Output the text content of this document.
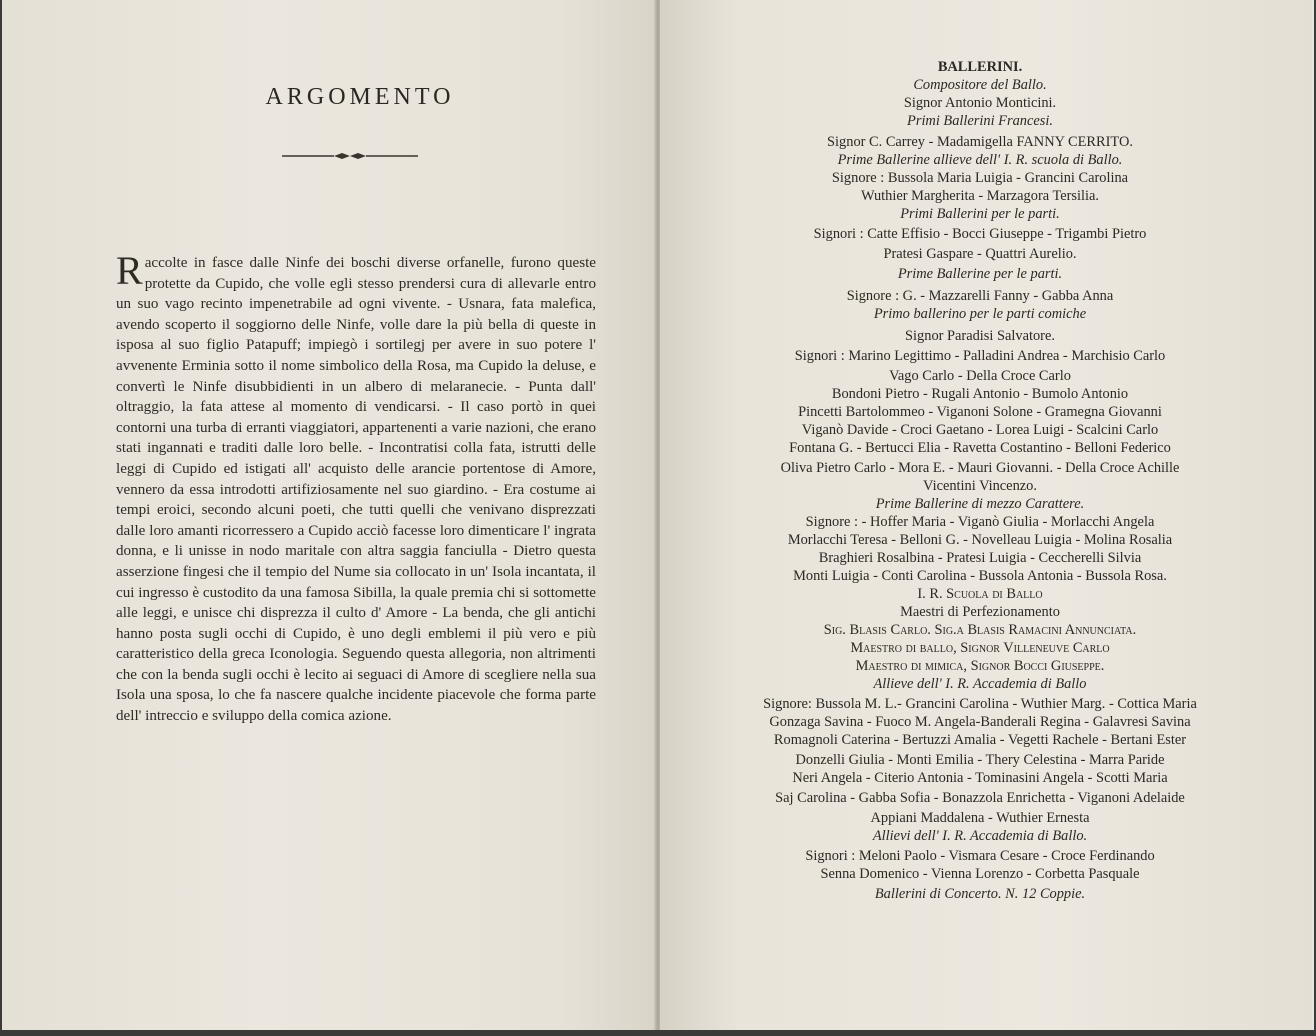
ARGOMENTO

Raccolte in fasce dalle Ninfe dei boschi diverse orfanelle, furono queste protette da Cupido, che volle egli stesso prendersi cura di allevarle entro un suo vago recinto impenetrabile ad ogni vivente. - Usnara, fata malefica, avendo scoperto il soggiorno delle Ninfe, volle dare la più bella di queste in isposa al suo figlio Patapuff; impiegò i sortilegj per avere in suo potere l' avvenente Erminia sotto il nome simbolico della Rosa, ma Cupido la deluse, e convertì le Ninfe disubbidienti in un albero di melaranecie. - Punta dall' oltraggio, la fata attese al momento di vendicarsi. - Il caso portò in quei contorni una turba di erranti viaggiatori, appartenenti a varie nazioni, che erano stati ingannati e traditi dalle loro belle. - Incontratisi colla fata, istrutti delle leggi di Cupido ed istigati all' acquisto delle arancie portentose di Amore, vennero da essa introdotti artifiziosamente nel suo giardino. - Era costume ai tempi eroici, secondo alcuni poeti, che tutti quelli che venivano disprezzati dalle loro amanti ricorressero a Cupido acciò facesse loro dimenticare l' ingrata donna, e li unisse in nodo maritale con altra saggia fanciulla - Dietro questa asserzione fingesi che il tempio del Nume sia collocato in un' Isola incantata, il cui ingresso è custodito da una famosa Sibilla, la quale premia chi si sottomette alle leggi, e unisce chi disprezza il culto d' Amore - La benda, che gli antichi hanno posta sugli occhi di Cupido, è uno degli emblemi il più vero e più caratteristico della greca Iconologia. Seguendo questa allegoria, non altrimenti che con la benda sugli occhi è lecito ai seguaci di Amore di scegliere nella sua Isola una sposa, lo che fa nascere qualche incidente piacevole che forma parte dell' intreccio e sviluppo della comica azione.

BALLERINI.
Compositore del Ballo.
Signor Antonio Monticini.
Primi Ballerini Francesi.
Signor C. Carrey - Madamigella FANNY CERRITO.
Prime Ballerine allieve dell' I. R. scuola di Ballo.
Signore : Bussola Maria Luigia - Grancini Carolina
Wuthier Margherita - Marzagora Tersilia.
Primi Ballerini per le parti.
Signori : Catte Effisio - Bocci Giuseppe - Trigambi Pietro
Pratesi Gaspare - Quattri Aurelio.
Prime Ballerine per le parti.
Signore : G. - Mazzarelli Fanny - Gabba Anna
Primo ballerino per le parti comiche
Signor Paradisi Salvatore.
Signori : Marino Legittimo - Palladini Andrea - Marchisio Carlo
Vago Carlo - Della Croce Carlo
Bondoni Pietro - Rugali Antonio - Bumolo Antonio
Pincetti Bartolommeo - Viganoni Solone - Gramegna Giovanni
Viganò Davide - Croci Gaetano - Lorea Luigi - Scalcini Carlo
Fontana G. - Bertucci Elia - Ravetta Costantino - Belloni Federico
Oliva Pietro Carlo - Mora E. - Mauri Giovanni. - Della Croce Achille
Vicentini Vincenzo.
Prime Ballerine di mezzo Carattere.
Signore : - Hoffer Maria - Viganò Giulia - Morlacchi Angela
Morlacchi Teresa - Belloni G. - Novelleau Luigia - Molina Rosalia
Braghieri Rosalbina - Pratesi Luigia - Ceccherelli Silvia
Monti Luigia - Conti Carolina - Bussola Antonia - Bussola Rosa.
I. R. Scuola di Ballo
Maestri di Perfezionamento
Sig. Blasis Carlo. Sig.a Blasis Ramacini Annunciata.
Maestro di ballo, Signor Villeneuve Carlo
Maestro di mimica, Signor Bocci Giuseppe.
Allieve dell' I. R. Accademia di Ballo
Signore: Bussola M. L.- Grancini Carolina - Wuthier Marg. - Cottica Maria
Gonzaga Savina - Fuoco M. Angela-Banderali Regina - Galavresi Savina
Romagnoli Caterina - Bertuzzi Amalia - Vegetti Rachele - Bertani Ester
Donzelli Giulia - Monti Emilia - Thery Celestina - Marra Paride
Neri Angela - Citerio Antonia - Tominasini Angela - Scotti Maria
Saj Carolina - Gabba Sofia - Bonazzola Enrichetta - Viganoni Adelaide
Appiani Maddalena - Wuthier Ernesta
Allievi dell' I. R. Accademia di Ballo.
Signori : Meloni Paolo - Vismara Cesare - Croce Ferdinando
Senna Domenico - Vienna Lorenzo - Corbetta Pasquale
Ballerini di Concerto. N. 12 Coppie.
